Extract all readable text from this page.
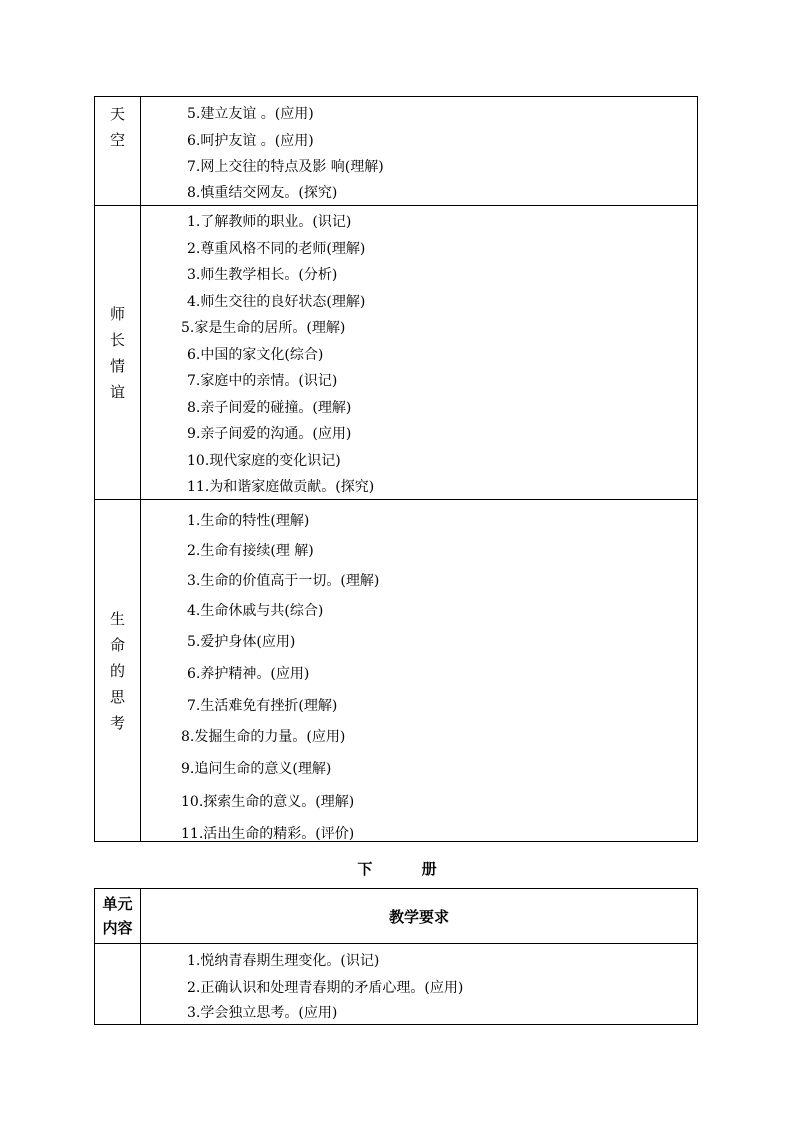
天
空
5.建立友谊 。(应用)
6.呵护友谊 。(应用)
7.网上交往的特点及影 响(理解)
8.慎重结交网友。(探究)
师
长
情
谊
1.了解教师的职业。(识记)
2.尊重风格不同的老师(理解)
3.师生教学相长。(分析)
4.师生交往的良好状态(理解)
5.家是生命的居所。(理解)
6.中国的家文化(综合)
7.家庭中的亲情。(识记)
8.亲子间爱的碰撞。(理解)
9.亲子间爱的沟通。(应用)
10.现代家庭的变化识记)
11.为和谐家庭做贡献。(探究)
生
命
的
思
考
1.生命的特性(理解)
2.生命有接续(理 解)
3.生命的价值高于一切。(理解)
4.生命休戚与共(综合)
5.爱护身体(应用)
6.养护精神。(应用)
7.生活难免有挫折(理解)
8.发掘生命的力量。(应用)
9.追问生命的意义(理解)
10.探索生命的意义。(理解)
11.活出生命的精彩。(评价)
下 册
单元
内容
教学要求
1.悦纳青春期生理变化。(识记)
2.正确认识和处理青春期的矛盾心理。(应用)
3.学会独立思考。(应用)
